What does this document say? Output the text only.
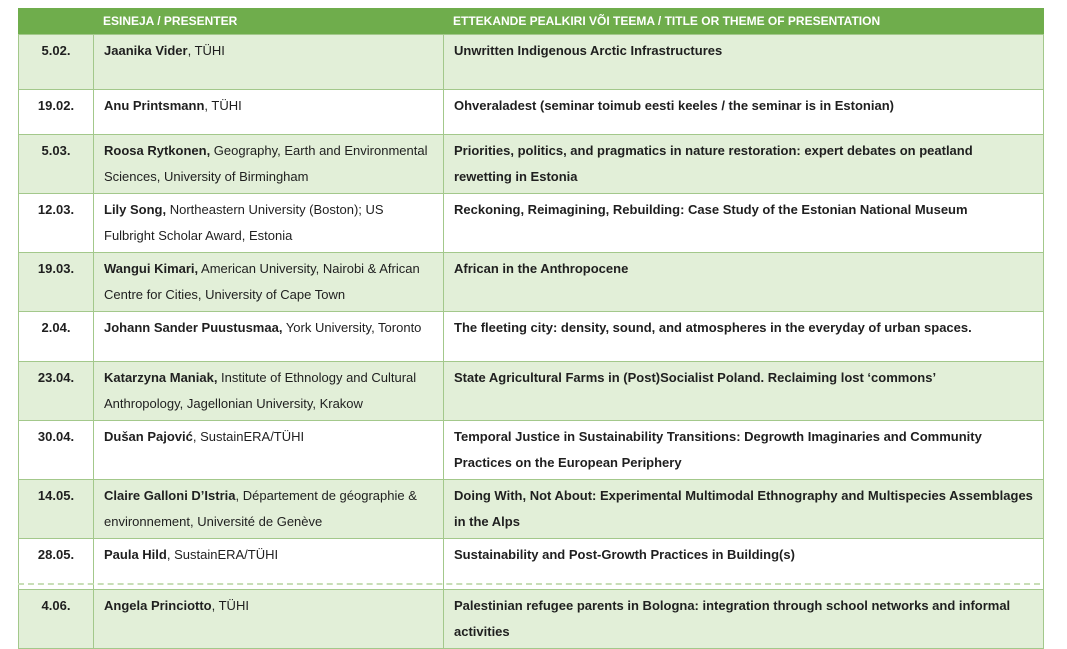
	ESINEJA / PRESENTER	ETTEKANDE PEALKIRI VÕI TEEMA / TITLE OR THEME OF PRESENTATION
5.02.	Jaanika Vider, TÜHI	Unwritten Indigenous Arctic Infrastructures
19.02.	Anu Printsmann, TÜHI	Ohveraladest (seminar toimub eesti keeles / the seminar is in Estonian)
5.03.	Roosa Rytkonen, Geography, Earth and Environmental Sciences, University of Birmingham	Priorities, politics, and pragmatics in nature restoration: expert debates on peatland rewetting in Estonia
12.03.	Lily Song, Northeastern University (Boston); US Fulbright Scholar Award, Estonia	Reckoning, Reimagining, Rebuilding: Case Study of the Estonian National Museum
19.03.	Wangui Kimari, American University, Nairobi & African Centre for Cities, University of Cape Town	African in the Anthropocene
2.04.	Johann Sander Puustusmaa, York University, Toronto	The fleeting city: density, sound, and atmospheres in the everyday of urban spaces.
23.04.	Katarzyna Maniak, Institute of Ethnology and Cultural Anthropology, Jagellonian University, Krakow	State Agricultural Farms in (Post)Socialist Poland. Reclaiming lost ‘commons’
30.04.	Dušan Pajović, SustainERA/TÜHI	Temporal Justice in Sustainability Transitions: Degrowth Imaginaries and Community Practices on the European Periphery
14.05.	Claire Galloni D’Istria, Département de géographie & environnement, Université de Genève	Doing With, Not About: Experimental Multimodal Ethnography and Multispecies Assemblages in the Alps
28.05.	Paula Hild, SustainERA/TÜHI	Sustainability and Post-Growth Practices in Building(s)
4.06.	Angela Princiotto, TÜHI	Palestinian refugee parents in Bologna: integration through school networks and informal activities
